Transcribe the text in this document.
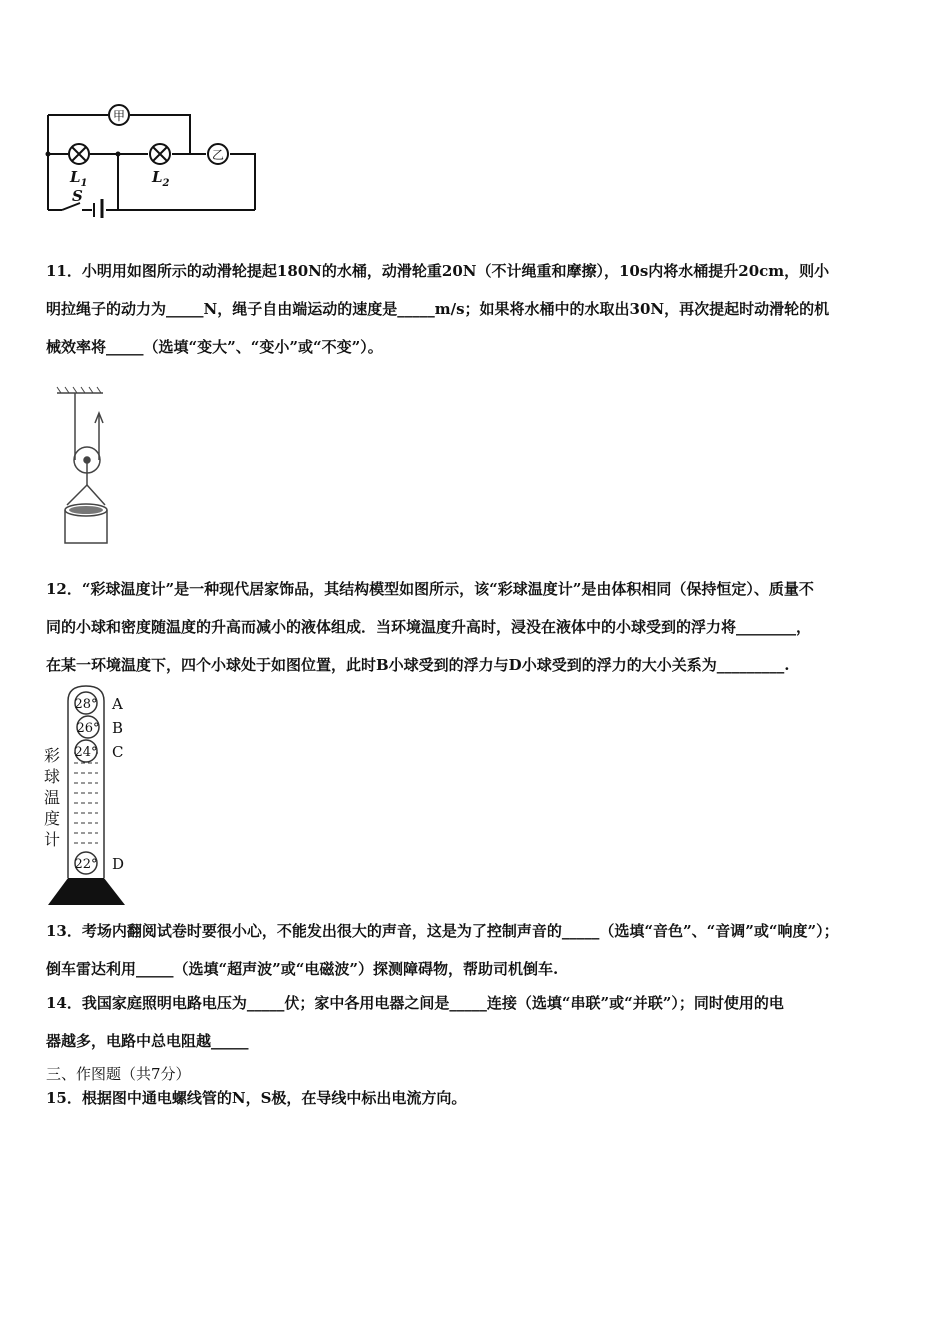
甲
乙
$L_1$	$L_2$
S
11．小明用如图所示的动滑轮提起180N的水桶，动滑轮重20N（不计绳重和摩擦），10s内将水桶提升20cm，则小
明拉绳子的动力为_____N，绳子自由端运动的速度是_____m/s；如果将水桶中的水取出30N，再次提起时动滑轮的机
械效率将_____（选填“变大”、“变小”或“不变”）。
12．“彩球温度计”是一种现代居家饰品，其结构模型如图所示，该“彩球温度计”是由体积相同（保持恒定）、质量不
同的小球和密度随温度的升高而减小的液体组成．当环境温度升高时，浸没在液体中的小球受到的浮力将________，
在某一环境温度下，四个小球处于如图位置，此时B小球受到的浮力与D小球受到的浮力的大小关系为_________.
28° A
26° B
24° C
22° D
彩
球
温
度
计
13．考场内翻阅试卷时要很小心，不能发出很大的声音，这是为了控制声音的_____（选填“音色”、“音调”或“响度”）；
倒车雷达利用_____（选填“超声波”或“电磁波”）探测障碍物，帮助司机倒车.
14．我国家庭照明电路电压为_____伏；家中各用电器之间是_____连接（选填“串联”或“并联”）；同时使用的电
器越多，电路中总电阻越_____
三、作图题（共7分）
15．根据图中通电螺线管的N，S极，在导线中标出电流方向。
